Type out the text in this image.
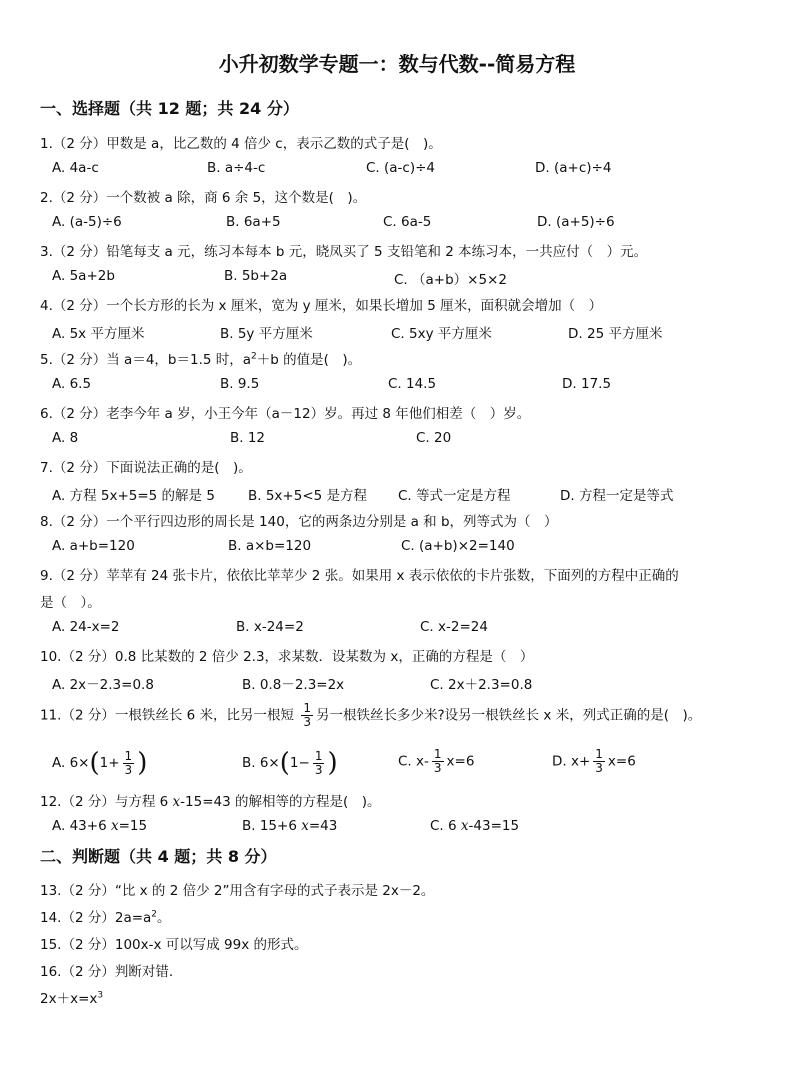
小升初数学专题一：数与代数--简易方程
一、选择题（共 12 题；共 24 分）
1.（2 分）甲数是 a，比乙数的 4 倍少 c，表示乙数的式子是(　)。
A. 4a-c	B. a÷4-c	C. (a-c)÷4	D. (a+c)÷4
2.（2 分）一个数被 a 除，商 6 余 5，这个数是(　)。
A. (a-5)÷6	B. 6a+5	C. 6a-5	D. (a+5)÷6
3.（2 分）铅笔每支 a 元，练习本每本 b 元，晓凤买了 5 支铅笔和 2 本练习本，一共应付（　）元。
A. 5a+2b	B. 5b+2a	C. （a+b）×5×2
4.（2 分）一个长方形的长为 x 厘米，宽为 y 厘米，如果长增加 5 厘米，面积就会增加（　）
A. 5x 平方厘米	B. 5y 平方厘米	C. 5xy 平方厘米	D. 25 平方厘米
5.（2 分）当 a＝4，b＝1.5 时，$a^2+b$ 的值是(　)。
A. 6.5	B. 9.5	C. 14.5	D. 17.5
6.（2 分）老李今年 a 岁，小王今年（a－12）岁。再过 8 年他们相差（　）岁。
A. 8	B. 12	C. 20
7.（2 分）下面说法正确的是(　)。
A. 方程 5x+5=5 的解是 5 B. 5x+5<5 是方程 C. 等式一定是方程	D. 方程一定是等式
8.（2 分）一个平行四边形的周长是 140，它的两条边分别是 a 和 b，列等式为（　）
A. a+b=120	B. a×b=120	C. (a+b)×2=140
9.（2 分）苹苹有 24 张卡片，依依比苹苹少 2 张。如果用 x 表示依依的卡片张数，下面列的方程中正确的
是（　）。
A. 24-x=2	B. x-24=2	C. x-2=24
10.（2 分）0.8 比某数的 2 倍少 2.3，求某数．设某数为 x，正确的方程是（　）
A. 2x－2.3=0.8	B. 0.8－2.3=2x	C. 2x＋2.3=0.8
11.（2 分）一根铁丝长 6 米，比另一根短 $\frac{1}{3}$ 另一根铁丝长多少米?设另一根铁丝长 x 米，列式正确的是(　)。
A. $6\times(1+ \frac{1}{3}$ )	B. $6\times(1- \frac{1}{3}$ )	C. $x- \frac{1}{3} x=6$	D. $x+ \frac{1}{3} x=6$
12.（2 分）与方程 6 x-15=43 的解相等的方程是(　)。
A. 43+6 x=15	B. 15+6 x=43	C. 6 x-43=15
二、判断题（共 4 题；共 8 分）
13.（2 分）“比 x 的 2 倍少 2”用含有字母的式子表示是 2x－2。
14.（2 分）$2a=a^2$。
15.（2 分）100x-x 可以写成 99x 的形式。
16.（2 分）判断对错.
$2x+x=x^3$
